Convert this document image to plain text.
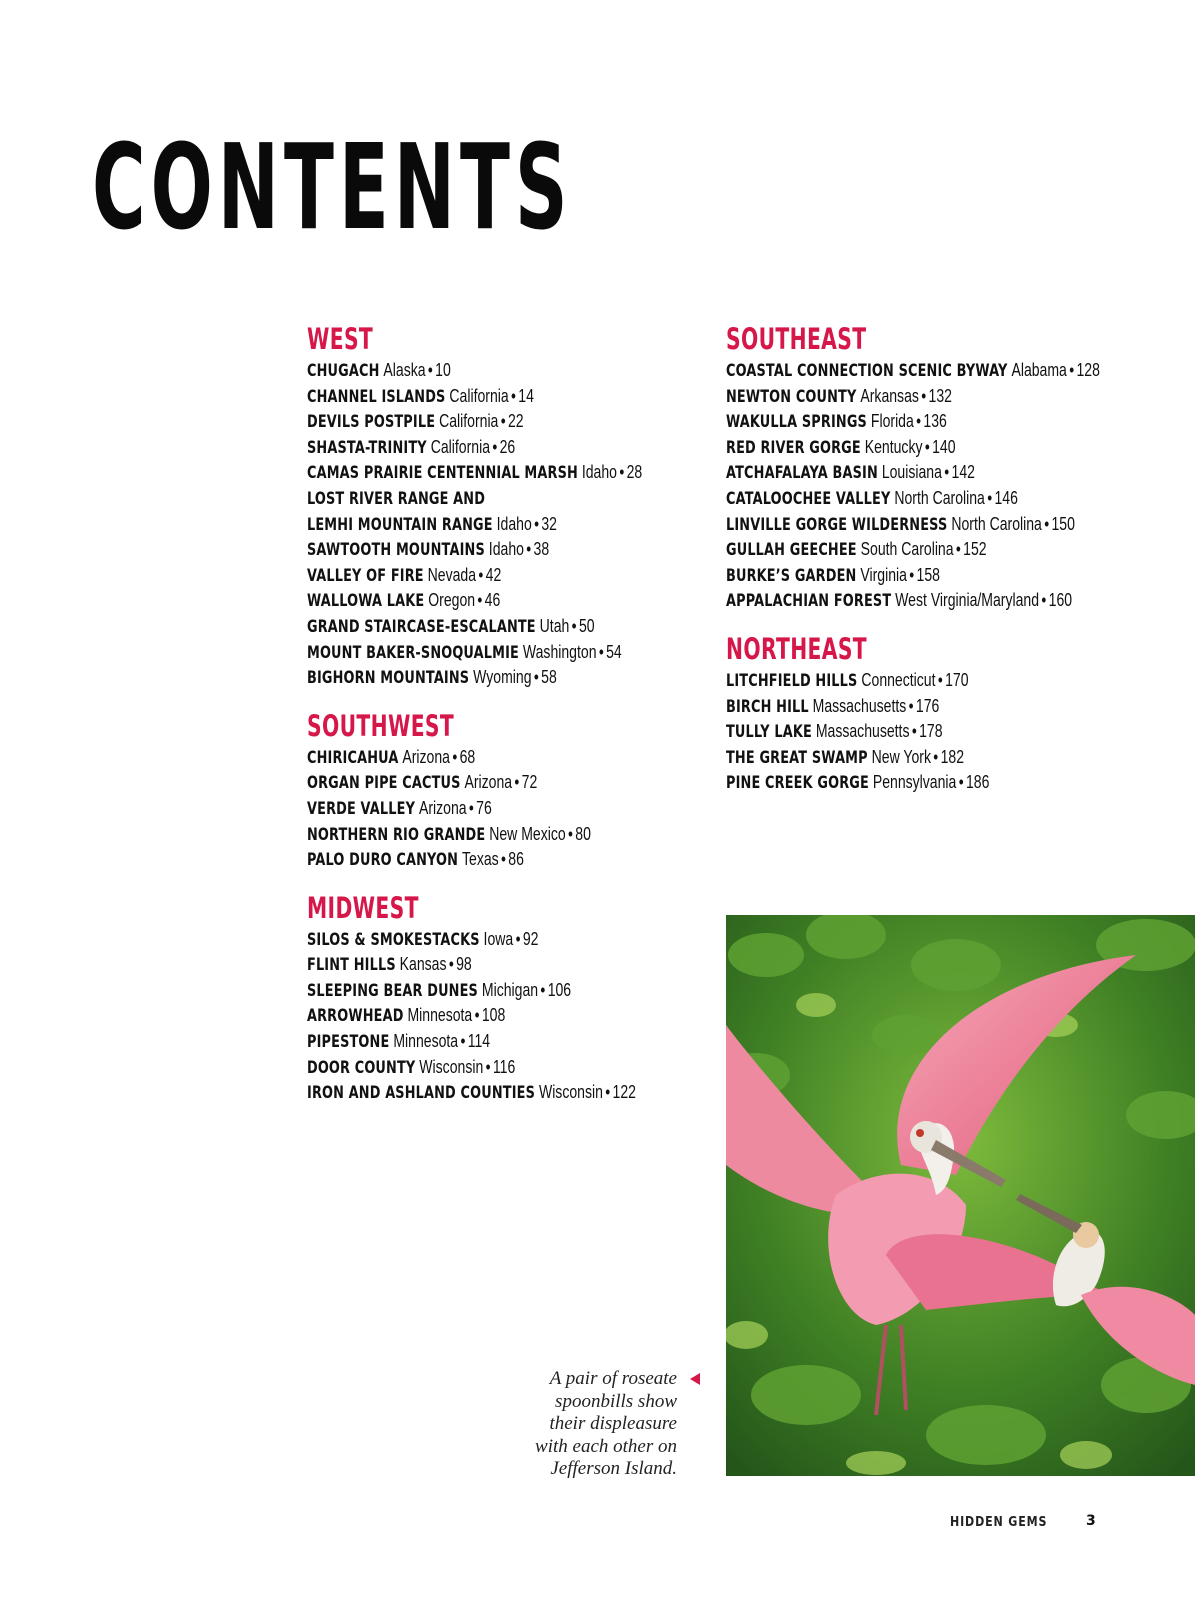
CONTENTS
WEST
CHUGACH Alaska • 10
CHANNEL ISLANDS California • 14
DEVILS POSTPILE California • 22
SHASTA-TRINITY California • 26
CAMAS PRAIRIE CENTENNIAL MARSH Idaho • 28
LOST RIVER RANGE AND
LEMHI MOUNTAIN RANGE Idaho • 32
SAWTOOTH MOUNTAINS Idaho • 38
VALLEY OF FIRE Nevada • 42
WALLOWA LAKE Oregon • 46
GRAND STAIRCASE-ESCALANTE Utah • 50
MOUNT BAKER-SNOQUALMIE Washington • 54
BIGHORN MOUNTAINS Wyoming • 58
SOUTHWEST
CHIRICAHUA Arizona • 68
ORGAN PIPE CACTUS Arizona • 72
VERDE VALLEY Arizona • 76
NORTHERN RIO GRANDE New Mexico • 80
PALO DURO CANYON Texas • 86
MIDWEST
SILOS & SMOKESTACKS Iowa • 92
FLINT HILLS Kansas • 98
SLEEPING BEAR DUNES Michigan • 106
ARROWHEAD Minnesota • 108
PIPESTONE Minnesota • 114
DOOR COUNTY Wisconsin • 116
IRON AND ASHLAND COUNTIES Wisconsin • 122
SOUTHEAST
COASTAL CONNECTION SCENIC BYWAY Alabama • 128
NEWTON COUNTY Arkansas • 132
WAKULLA SPRINGS Florida • 136
RED RIVER GORGE Kentucky • 140
ATCHAFALAYA BASIN Louisiana • 142
CATALOOCHEE VALLEY North Carolina • 146
LINVILLE GORGE WILDERNESS North Carolina • 150
GULLAH GEECHEE South Carolina • 152
BURKE’S GARDEN Virginia • 158
APPALACHIAN FOREST West Virginia/Maryland • 160
NORTHEAST
LITCHFIELD HILLS Connecticut • 170
BIRCH HILL Massachusetts • 176
TULLY LAKE Massachusetts • 178
THE GREAT SWAMP New York • 182
PINE CREEK GORGE Pennsylvania • 186

A pair of roseate
spoonbills show
their displeasure
with each other on
Jefferson Island.

HIDDEN GEMS	3
